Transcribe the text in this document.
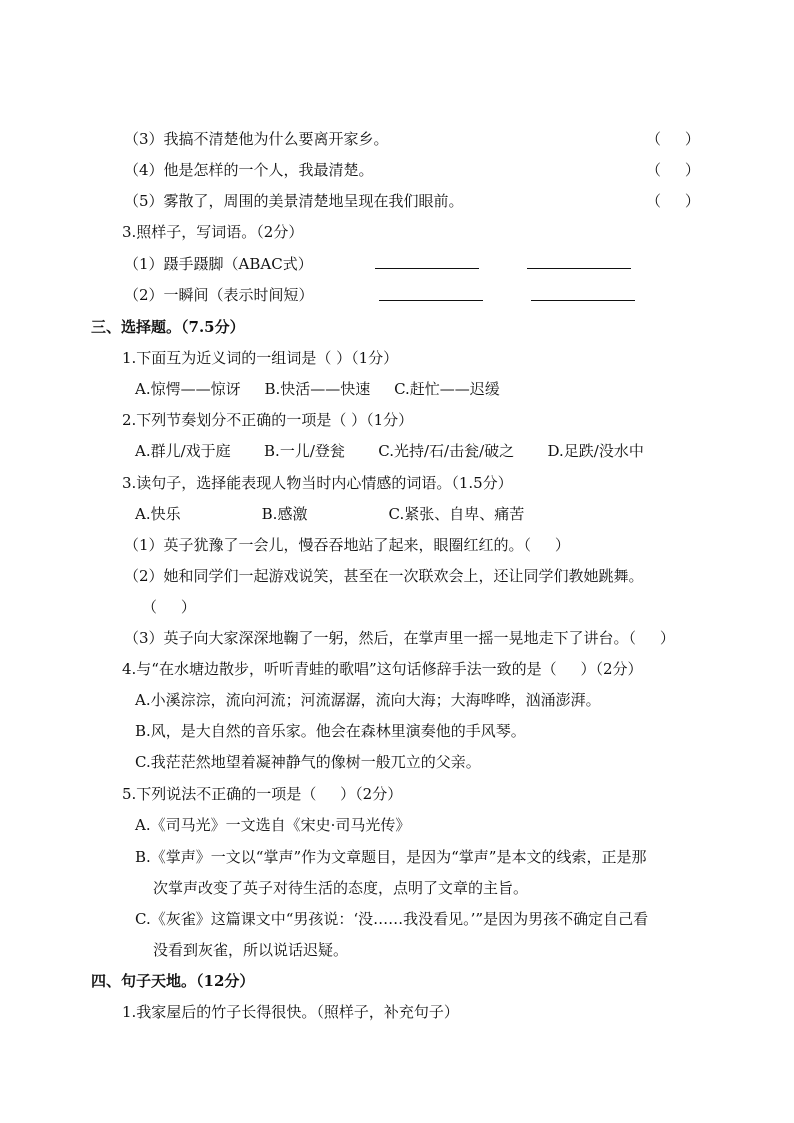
（3）我搞不清楚他为什么要离开家乡。	（     ）
（4）他是怎样的一个人，我最清楚。	（     ）
（5）雾散了，周围的美景清楚地呈现在我们眼前。	（     ）
3.照样子，写词语。（2分）
（1）蹑手蹑脚（ABAC式）
（2）一瞬间（表示时间短）
三、选择题。（7.5分）
1.下面互为近义词的一组词是（ ）（1分）
A.惊愕——惊讶     B.快活——快速     C.赶忙——迟缓
2.下列节奏划分不正确的一项是（ ）（1分）
A.群儿/戏于庭       B.一儿/登瓮       C.光持/石/击瓮/破之       D.足跌/没水中
3.读句子，选择能表现人物当时内心情感的词语。（1.5分）
A.快乐                 B.感激                 C.紧张、自卑、痛苦
（1）英子犹豫了一会儿，慢吞吞地站了起来，眼圈红红的。（     ）
（2）她和同学们一起游戏说笑，甚至在一次联欢会上，还让同学们教她跳舞。
（     ）
（3）英子向大家深深地鞠了一躬，然后，在掌声里一摇一晃地走下了讲台。（     ）
4.与“在水塘边散步，听听青蛙的歌唱”这句话修辞手法一致的是（     ）（2分）
A.小溪淙淙，流向河流；河流潺潺，流向大海；大海哗哗，汹涌澎湃。
B.风，是大自然的音乐家。他会在森林里演奏他的手风琴。
C.我茫茫然地望着凝神静气的像树一般兀立的父亲。
5.下列说法不正确的一项是（     ）（2分）
A.《司马光》一文选自《宋史·司马光传》
B.《掌声》一文以“掌声”作为文章题目，是因为“掌声”是本文的线索，正是那
次掌声改变了英子对待生活的态度，点明了文章的主旨。
C.《灰雀》这篇课文中“男孩说：‘没……我没看见。’”是因为男孩不确定自己看
没看到灰雀，所以说话迟疑。
四、句子天地。（12分）
1.我家屋后的竹子长得很快。（照样子，补充句子）
